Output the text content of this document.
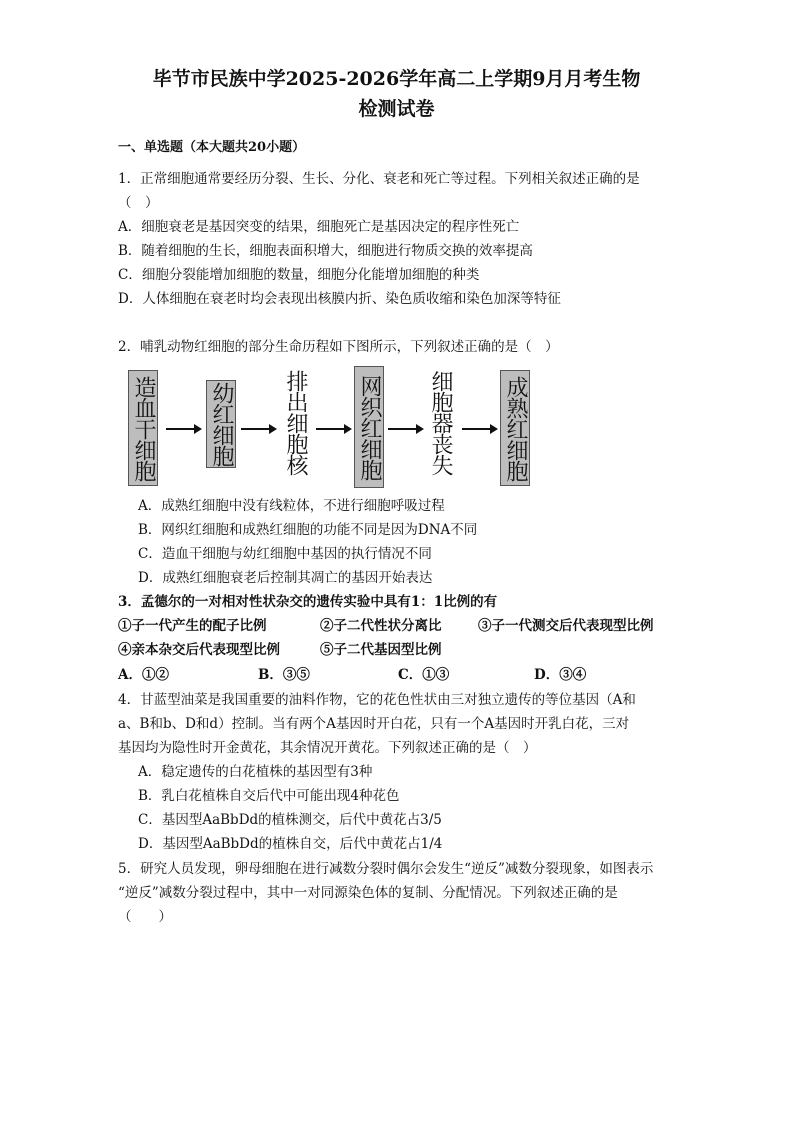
毕节市民族中学2025-2026学年高二上学期9月月考生物
检测试卷
一、单选题（本大题共20小题）
1．正常细胞通常要经历分裂、生长、分化、衰老和死亡等过程。下列相关叙述正确的是
（　）
A．细胞衰老是基因突变的结果，细胞死亡是基因决定的程序性死亡
B．随着细胞的生长，细胞表面积增大，细胞进行物质交换的效率提高
C．细胞分裂能增加细胞的数量，细胞分化能增加细胞的种类
D．人体细胞在衰老时均会表现出核膜内折、染色质收缩和染色加深等特征
2．哺乳动物红细胞的部分生命历程如下图所示，下列叙述正确的是（　）
造血干细胞 幼红细胞 排出细胞核 网织红细胞 细胞器丧失 成熟红细胞
A．成熟红细胞中没有线粒体，不进行细胞呼吸过程
B．网织红细胞和成熟红细胞的功能不同是因为DNA不同
C．造血干细胞与幼红细胞中基因的执行情况不同
D．成熟红细胞衰老后控制其凋亡的基因开始表达
3．孟德尔的一对相对性状杂交的遗传实验中具有1：1比例的有
①子一代产生的配子比例	②子二代性状分离比	③子一代测交后代表现型比例
④亲本杂交后代表现型比例	⑤子二代基因型比例
A．①②	B．③⑤	C．①③	D．③④
4．甘蓝型油菜是我国重要的油料作物，它的花色性状由三对独立遗传的等位基因（A和
a、B和b、D和d）控制。当有两个A基因时开白花，只有一个A基因时开乳白花，三对
基因均为隐性时开金黄花，其余情况开黄花。下列叙述正确的是（　）
A．稳定遗传的白花植株的基因型有3种
B．乳白花植株自交后代中可能出现4种花色
C．基因型AaBbDd的植株测交，后代中黄花占3/5
D．基因型AaBbDd的植株自交，后代中黄花占1/4
5．研究人员发现，卵母细胞在进行减数分裂时偶尔会发生“逆反”减数分裂现象，如图表示
“逆反”减数分裂过程中，其中一对同源染色体的复制、分配情况。下列叙述正确的是
（　　）
